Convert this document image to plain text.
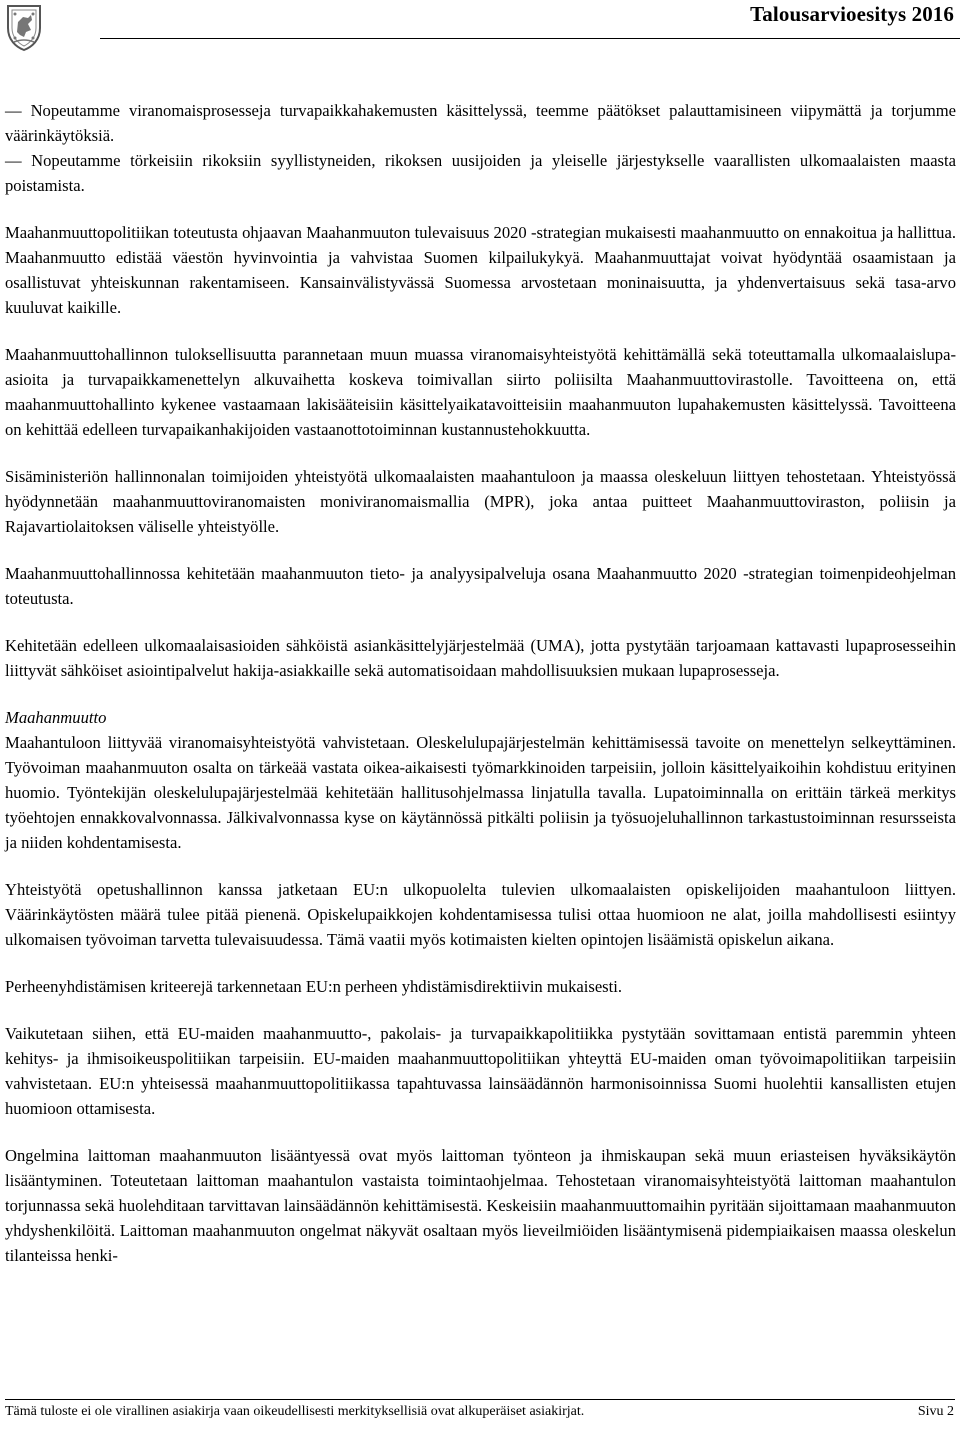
Talousarvioesitys 2016

— Nopeutamme viranomaisprosesseja turvapaikkahakemusten käsittelyssä, teemme päätökset palauttamisineen viipymättä ja torjumme väärinkäytöksiä.

— Nopeutamme törkeisiin rikoksiin syyllistyneiden, rikoksen uusijoiden ja yleiselle järjestykselle vaarallisten ulkomaalaisten maasta poistamista.

Maahanmuuttopolitiikan toteutusta ohjaavan Maahanmuuton tulevaisuus 2020 -strategian mukaisesti maahanmuutto on ennakoitua ja hallittua. Maahanmuutto edistää väestön hyvinvointia ja vahvistaa Suomen kilpailukykyä. Maahanmuuttajat voivat hyödyntää osaamistaan ja osallistuvat yhteiskunnan rakentamiseen. Kansainvälistyvässä Suomessa arvostetaan moninaisuutta, ja yhdenvertaisuus sekä tasa-arvo kuuluvat kaikille.

Maahanmuuttohallinnon tuloksellisuutta parannetaan muun muassa viranomaisyhteistyötä kehittämällä sekä toteuttamalla ulkomaalaislupa-asioita ja turvapaikkamenettelyn alkuvaihetta koskeva toimivallan siirto poliisilta Maahanmuuttovirastolle. Tavoitteena on, että maahanmuuttohallinto kykenee vastaamaan lakisääteisiin käsittelyaikatavoitteisiin maahanmuuton lupahakemusten käsittelyssä. Tavoitteena on kehittää edelleen turvapaikanhakijoiden vastaanottotoiminnan kustannustehokkuutta.

Sisäministeriön hallinnonalan toimijoiden yhteistyötä ulkomaalaisten maahantuloon ja maassa oleskeluun liittyen tehostetaan. Yhteistyössä hyödynnetään maahanmuuttoviranomaisten moniviranomaismallia (MPR), joka antaa puitteet Maahanmuuttoviraston, poliisin ja Rajavartiolaitoksen väliselle yhteistyölle.

Maahanmuuttohallinnossa kehitetään maahanmuuton tieto- ja analyysipalveluja osana Maahanmuutto 2020 -strategian toimenpideohjelman toteutusta.

Kehitetään edelleen ulkomaalaisasioiden sähköistä asiankäsittelyjärjestelmää (UMA), jotta pystytään tarjoamaan kattavasti lupaprosesseihin liittyvät sähköiset asiointipalvelut hakija-asiakkaille sekä automatisoidaan mahdollisuuksien mukaan lupaprosesseja.

Maahanmuutto
Maahantuloon liittyvää viranomaisyhteistyötä vahvistetaan. Oleskelulupajärjestelmän kehittämisessä tavoite on menettelyn selkeyttäminen. Työvoiman maahanmuuton osalta on tärkeää vastata oikea-aikaisesti työmarkkinoiden tarpeisiin, jolloin käsittelyaikoihin kohdistuu erityinen huomio. Työntekijän oleskelulupajärjestelmää kehitetään hallitusohjelmassa linjatulla tavalla. Lupatoiminnalla on erittäin tärkeä merkitys työehtojen ennakkovalvonnassa. Jälkivalvonnassa kyse on käytännössä pitkälti poliisin ja työsuojeluhallinnon tarkastustoiminnan resursseista ja niiden kohdentamisesta.

Yhteistyötä opetushallinnon kanssa jatketaan EU:n ulkopuolelta tulevien ulkomaalaisten opiskelijoiden maahantuloon liittyen. Väärinkäytösten määrä tulee pitää pienenä. Opiskelupaikkojen kohdentamisessa tulisi ottaa huomioon ne alat, joilla mahdollisesti esiintyy ulkomaisen työvoiman tarvetta tulevaisuudessa. Tämä vaatii myös kotimaisten kielten opintojen lisäämistä opiskelun aikana.

Perheenyhdistämisen kriteerejä tarkennetaan EU:n perheen yhdistämisdirektiivin mukaisesti.

Vaikutetaan siihen, että EU-maiden maahanmuutto-, pakolais- ja turvapaikkapolitiikka pystytään sovittamaan entistä paremmin yhteen kehitys- ja ihmisoikeuspolitiikan tarpeisiin. EU-maiden maahanmuuttopolitiikan yhteyttä EU-maiden oman työvoimapolitiikan tarpeisiin vahvistetaan. EU:n yhteisessä maahanmuuttopolitiikassa tapahtuvassa lainsäädännön harmonisoinnissa Suomi huolehtii kansallisten etujen huomioon ottamisesta.

Ongelmina laittoman maahanmuuton lisääntyessä ovat myös laittoman työnteon ja ihmiskaupan sekä muun eriasteisen hyväksikäytön lisääntyminen. Toteutetaan laittoman maahantulon vastaista toimintaohjelmaa. Tehostetaan viranomaisyhteistyötä laittoman maahantulon torjunnassa sekä huolehditaan tarvittavan lainsäädännön kehittämisestä. Keskeisiin maahanmuuttomaihin pyritään sijoittamaan maahanmuuton yhdyshenkilöitä. Laittoman maahanmuuton ongelmat näkyvät osaltaan myös lieveilmiöiden lisääntymisenä pidempiaikaisen maassa oleskelun tilanteissa henki-

Tämä tuloste ei ole virallinen asiakirja vaan oikeudellisesti merkityksellisiä ovat alkuperäiset asiakirjat.	Sivu 2
